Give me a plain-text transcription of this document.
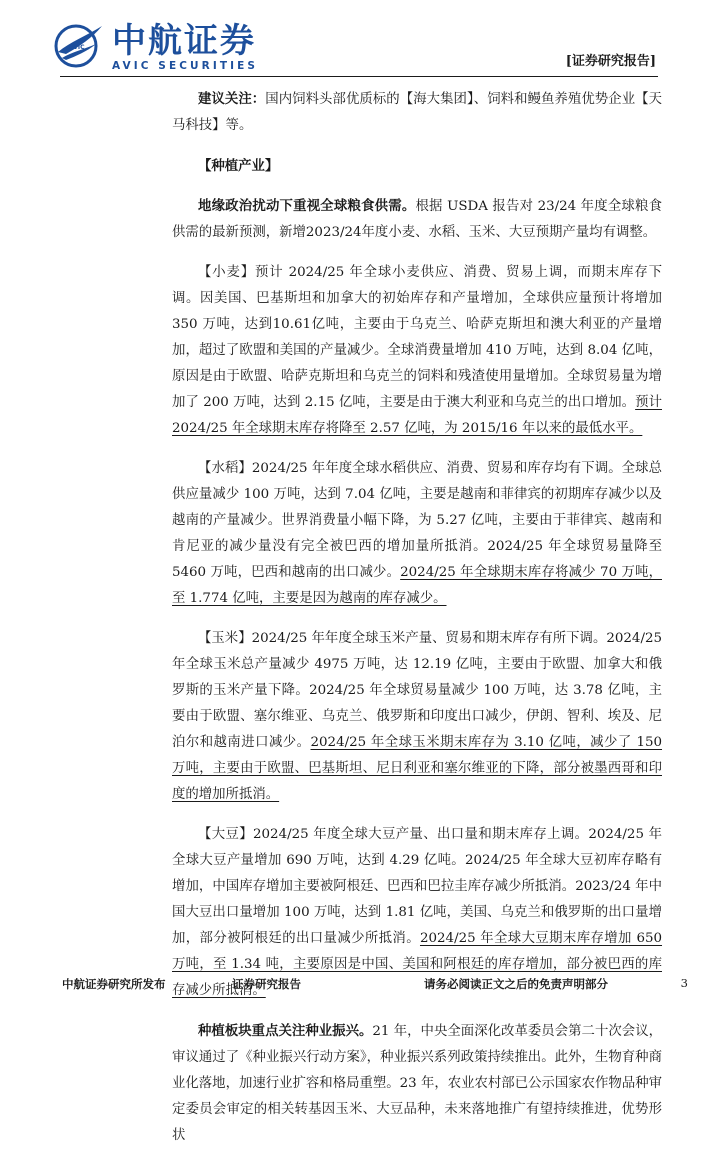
AVIC 中航证券
AVIC SECURITIES	[证券研究报告]

建议关注：国内饲料头部优质标的【海大集团】、饲料和鳗鱼养殖优势企业【天马科技】等。

【种植产业】

地缘政治扰动下重视全球粮食供需。根据 USDA 报告对 23/24 年度全球粮食供需的最新预测，新增2023/24年度小麦、水稻、玉米、大豆预期产量均有调整。

【小麦】预计 2024/25 年全球小麦供应、消费、贸易上调，而期末库存下调。因美国、巴基斯坦和加拿大的初始库存和产量增加，全球供应量预计将增加 350 万吨，达到10.61亿吨，主要由于乌克兰、哈萨克斯坦和澳大利亚的产量增加，超过了欧盟和美国的产量减少。全球消费量增加 410 万吨，达到 8.04 亿吨，原因是由于欧盟、哈萨克斯坦和乌克兰的饲料和残渣使用量增加。全球贸易量为增加了 200 万吨，达到 2.15 亿吨，主要是由于澳大利亚和乌克兰的出口增加。预计 2024/25 年全球期末库存将降至 2.57 亿吨，为 2015/16 年以来的最低水平。

【水稻】2024/25 年年度全球水稻供应、消费、贸易和库存均有下调。全球总供应量减少 100 万吨，达到 7.04 亿吨，主要是越南和菲律宾的初期库存减少以及越南的产量减少。世界消费量小幅下降，为 5.27 亿吨，主要由于菲律宾、越南和肯尼亚的减少量没有完全被巴西的增加量所抵消。2024/25 年全球贸易量降至 5460 万吨，巴西和越南的出口减少。2024/25 年全球期末库存将减少 70 万吨，至 1.774 亿吨，主要是因为越南的库存减少。

【玉米】2024/25 年年度全球玉米产量、贸易和期末库存有所下调。2024/25 年全球玉米总产量减少 4975 万吨，达 12.19 亿吨，主要由于欧盟、加拿大和俄罗斯的玉米产量下降。2024/25 年全球贸易量减少 100 万吨，达 3.78 亿吨，主要由于欧盟、塞尔维亚、乌克兰、俄罗斯和印度出口减少，伊朗、智利、埃及、尼泊尔和越南进口减少。2024/25 年全球玉米期末库存为 3.10 亿吨，减少了 150 万吨，主要由于欧盟、巴基斯坦、尼日利亚和塞尔维亚的下降，部分被墨西哥和印度的增加所抵消。

【大豆】2024/25 年度全球大豆产量、出口量和期末库存上调。2024/25 年全球大豆产量增加 690 万吨，达到 4.29 亿吨。2024/25 年全球大豆初库存略有增加，中国库存增加主要被阿根廷、巴西和巴拉圭库存减少所抵消。2023/24 年中国大豆出口量增加 100 万吨，达到 1.81 亿吨，美国、乌克兰和俄罗斯的出口量增加，部分被阿根廷的出口量减少所抵消。2024/25 年全球大豆期末库存增加 650 万吨，至 1.34 吨，主要原因是中国、美国和阿根廷的库存增加，部分被巴西的库存减少所抵消。

种植板块重点关注种业振兴。21 年，中央全面深化改革委员会第二十次会议，审议通过了《种业振兴行动方案》，种业振兴系列政策持续推出。此外，生物育种商业化落地，加速行业扩容和格局重塑。23 年，农业农村部已公示国家农作物品种审定委员会审定的相关转基因玉米、大豆品种，未来落地推广有望持续推进，优势形状

中航证券研究所发布	证券研究报告	请务必阅读正文之后的免责声明部分	3
